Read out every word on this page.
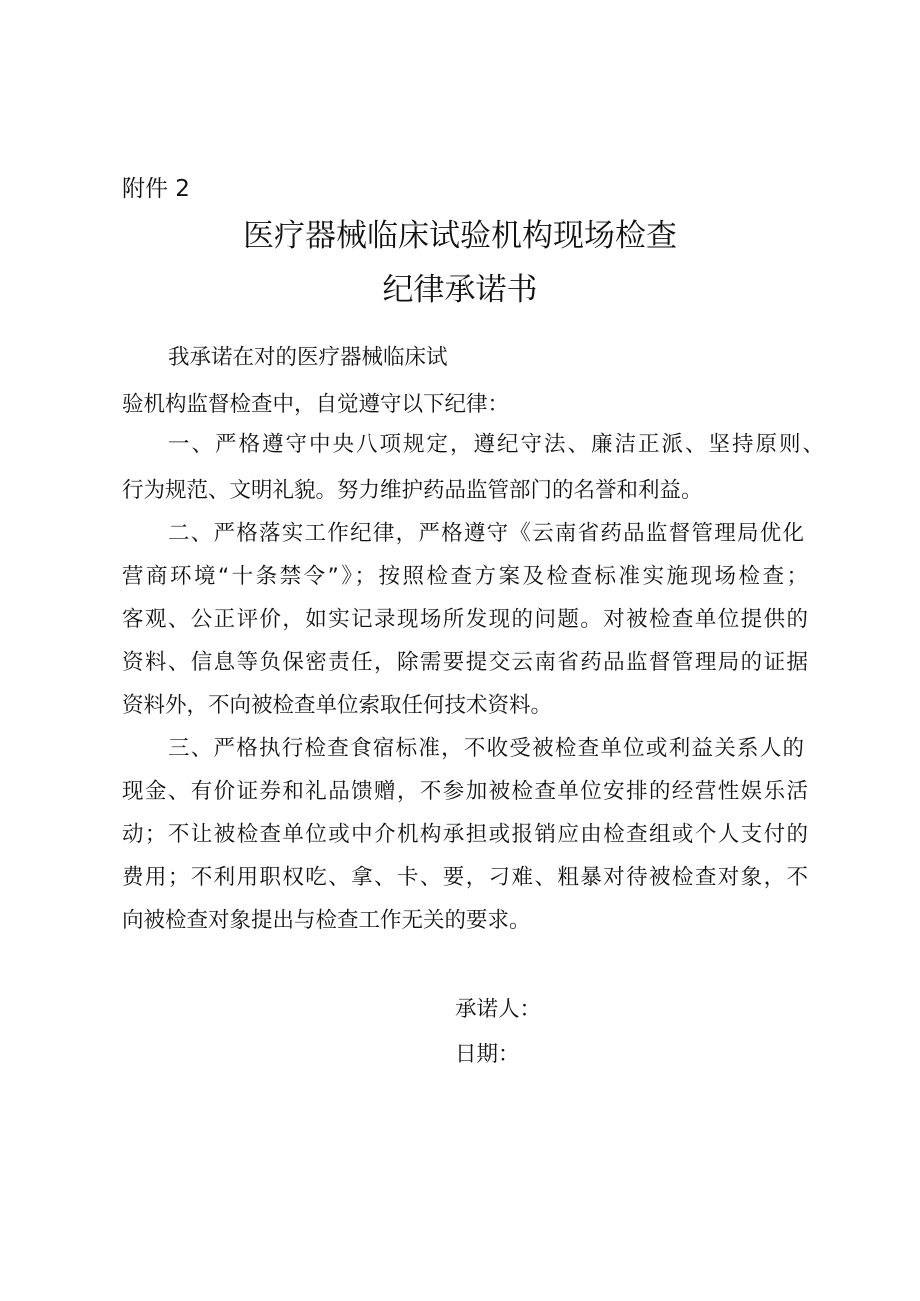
附件 2
医疗器械临床试验机构现场检查
纪律承诺书
我承诺在对的医疗器械临床试
验机构监督检查中，自觉遵守以下纪律：
一、严格遵守中央八项规定，遵纪守法、廉洁正派、坚持原则、
行为规范、文明礼貌。努力维护药品监管部门的名誉和利益。
二、严格落实工作纪律，严格遵守《云南省药品监督管理局优化
营商环境“十条禁令”》；按照检查方案及检查标准实施现场检查；
客观、公正评价，如实记录现场所发现的问题。对被检查单位提供的
资料、信息等负保密责任，除需要提交云南省药品监督管理局的证据
资料外，不向被检查单位索取任何技术资料。
三、严格执行检查食宿标准，不收受被检查单位或利益关系人的
现金、有价证券和礼品馈赠，不参加被检查单位安排的经营性娱乐活
动；不让被检查单位或中介机构承担或报销应由检查组或个人支付的
费用；不利用职权吃、拿、卡、要，刁难、粗暴对待被检查对象，不
向被检查对象提出与检查工作无关的要求。
承诺人：
日期：
